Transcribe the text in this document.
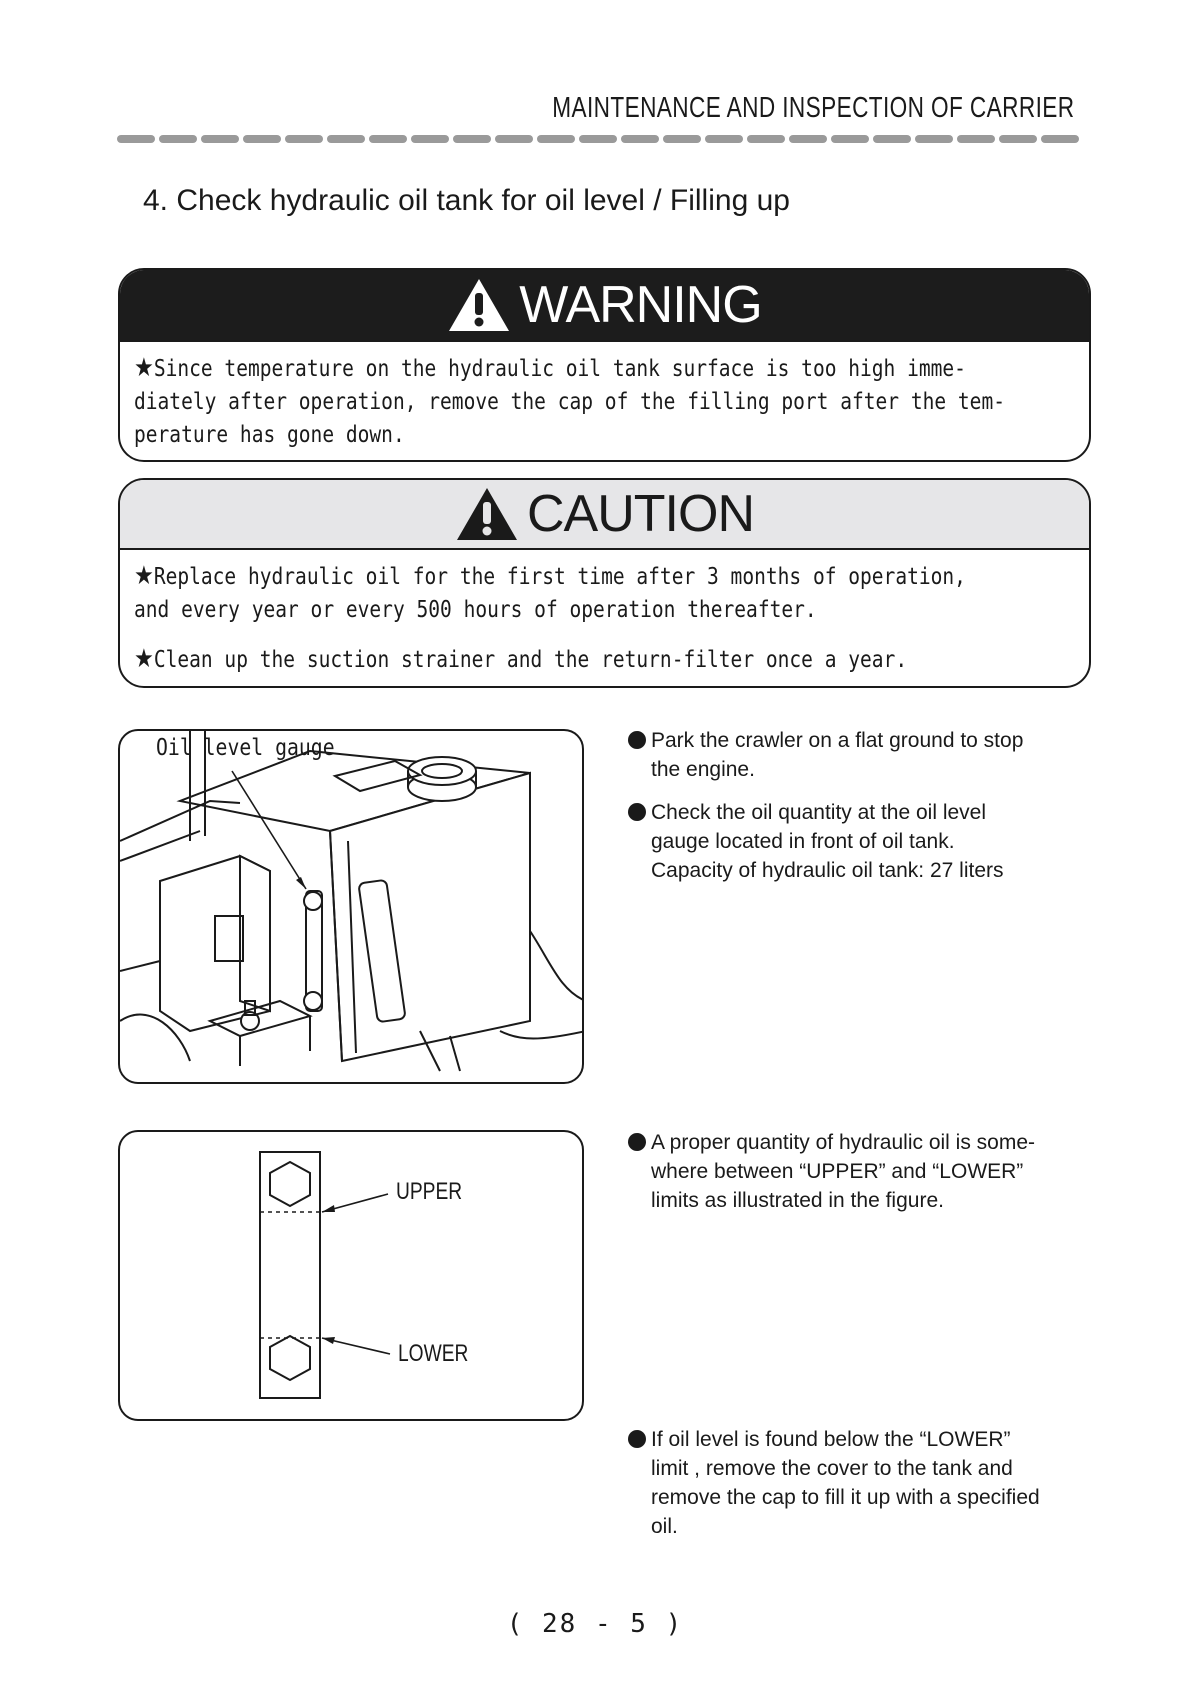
MAINTENANCE AND INSPECTION OF CARRIER
4. Check hydraulic oil tank for oil level / Filling up
WARNING
★Since temperature on the hydraulic oil tank surface is too high imme-
diately after operation, remove the cap of the filling port after the tem-
perature has gone down.
CAUTION
★Replace hydraulic oil for the first time after 3 months of operation,
and every year or every 500 hours of operation thereafter.
★Clean up the suction strainer and the return-filter once a year.
Oil level gauge
UPPER
LOWER
Park the crawler on a flat ground to stop
the engine.
Check the oil quantity at the oil level
gauge located in front of oil tank.
Capacity of hydraulic oil tank: 27 liters
A proper quantity of hydraulic oil is some-
where between “UPPER” and “LOWER”
limits as illustrated in the figure.
If oil level is found below the “LOWER”
limit , remove the cover to the tank and
remove the cap to fill it up with a specified
oil.
( 28 - 5 )
